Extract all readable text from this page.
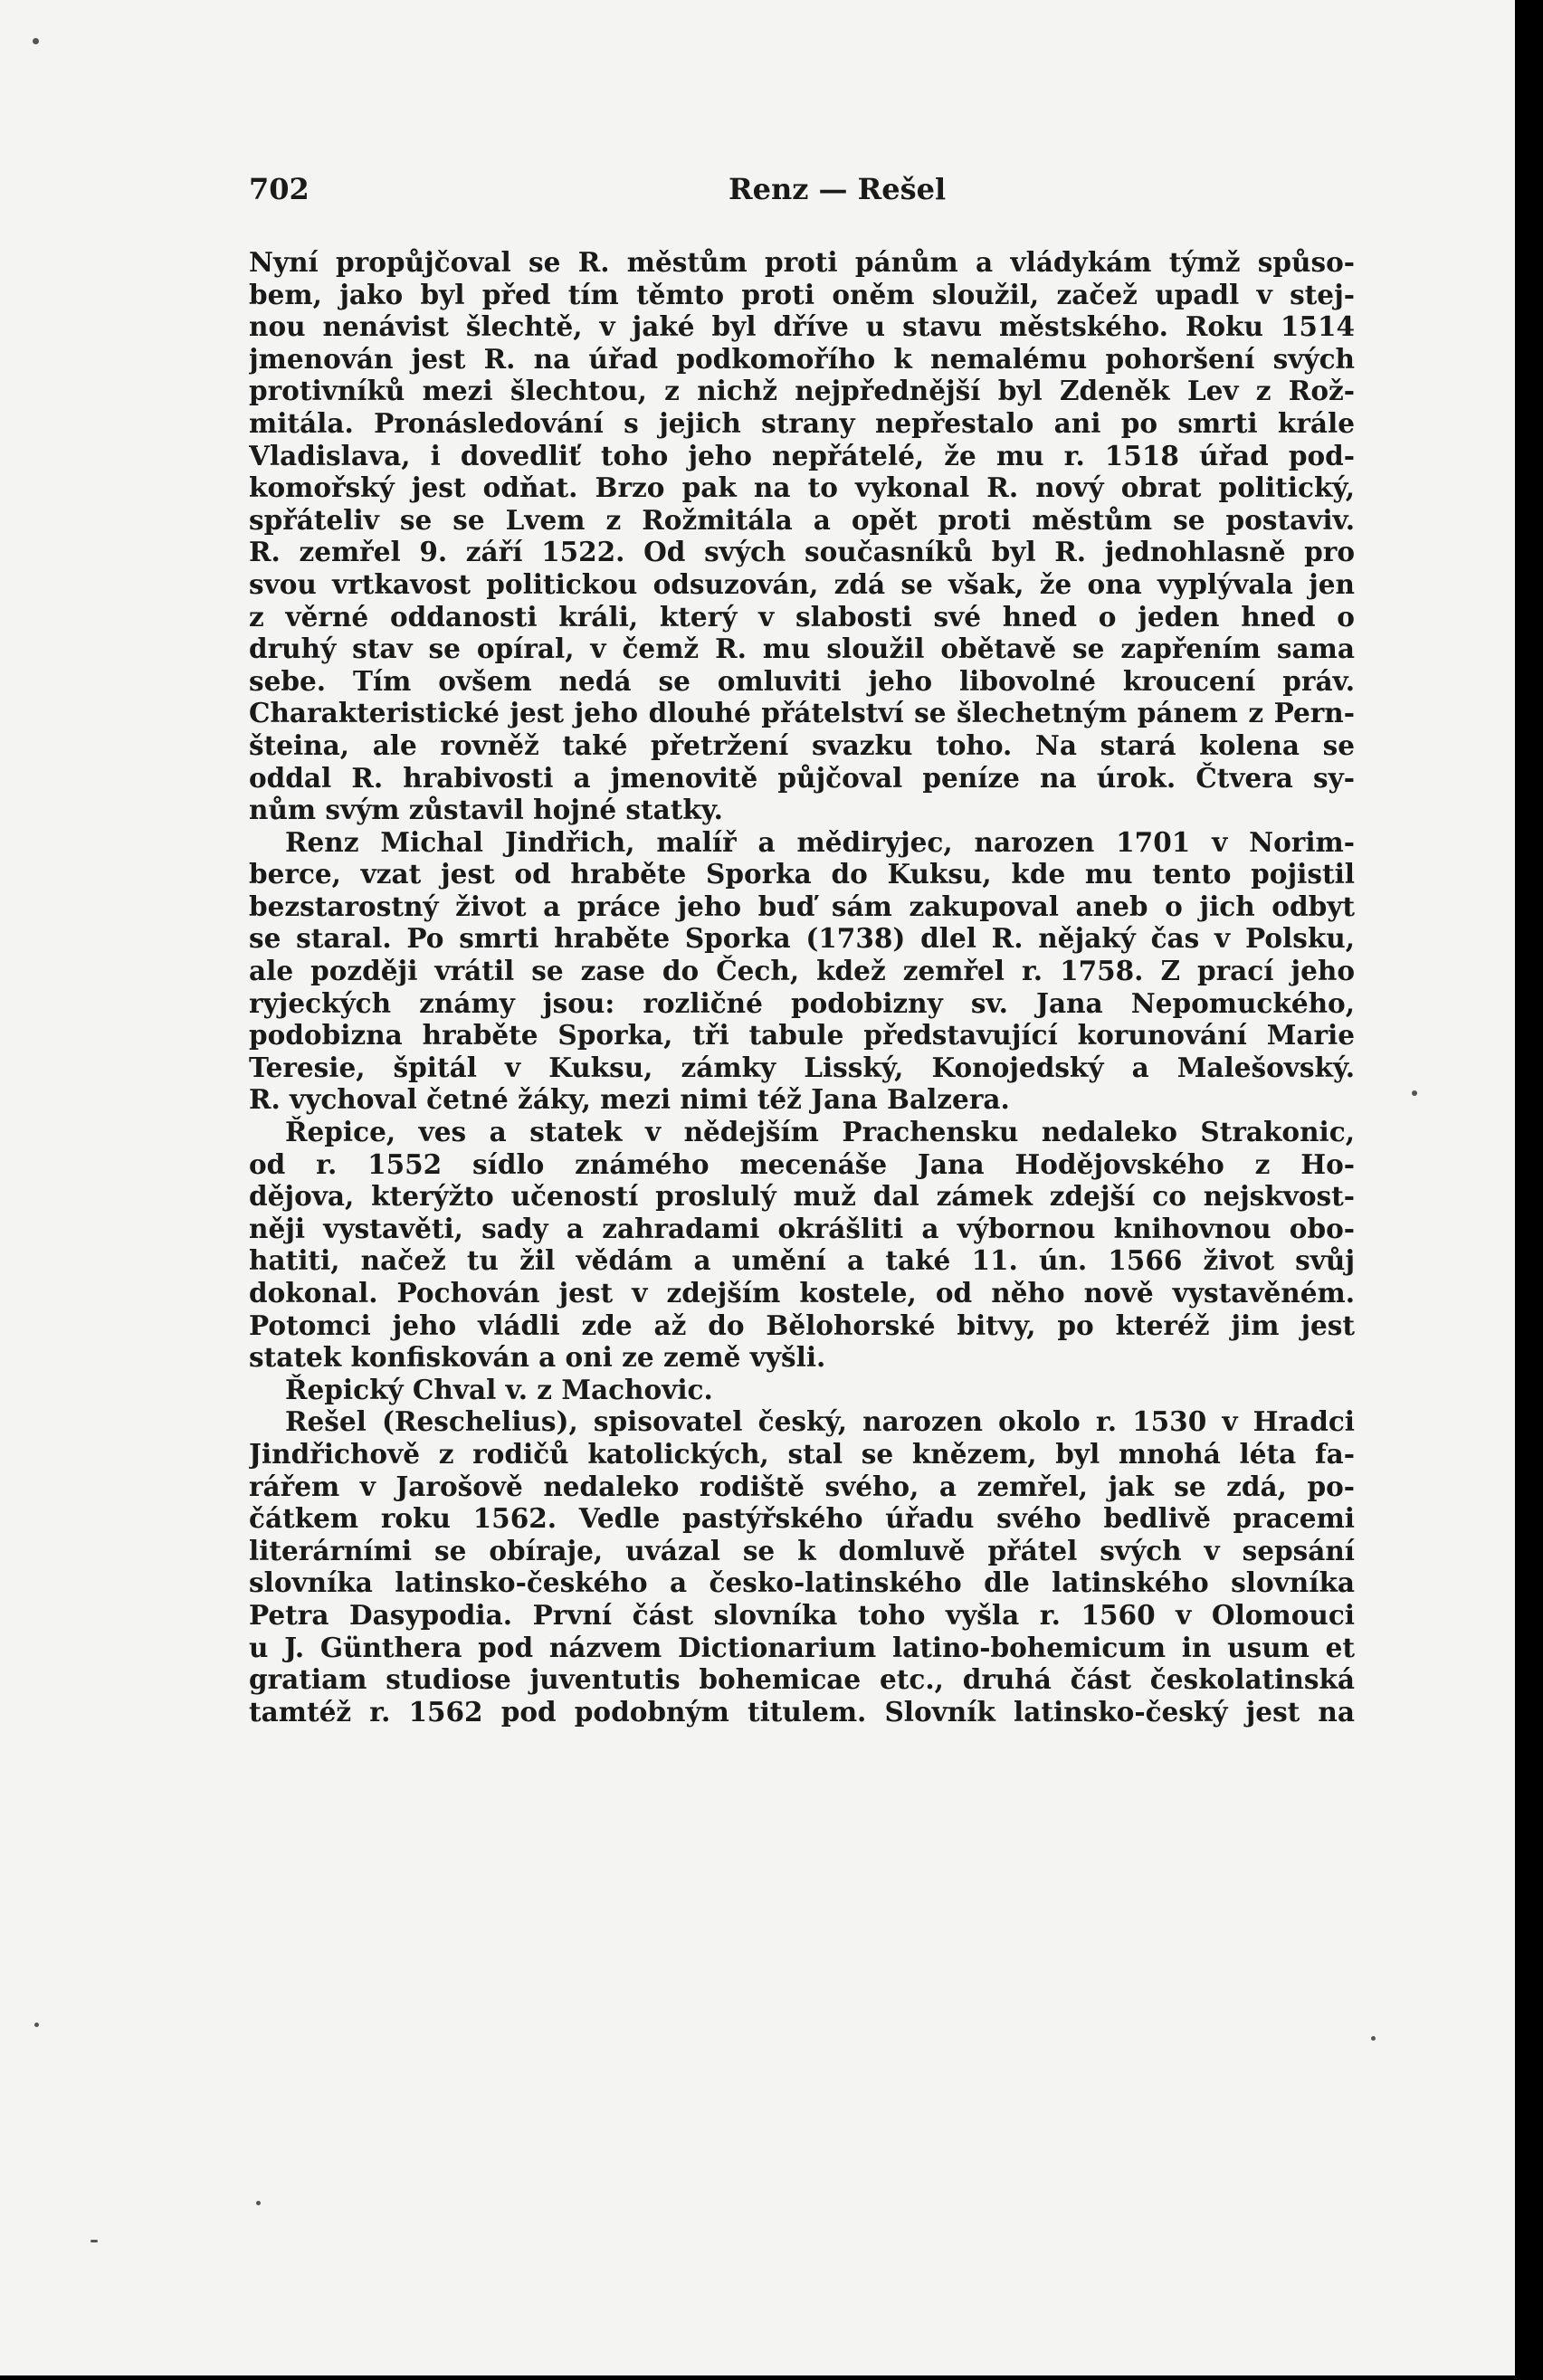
702	Renz — Rešel
Nyní propůjčoval se R. městům proti pánům a vládykám týmž spůso-
bem, jako byl před tím těmto proti oněm sloužil, začež upadl v stej-
nou nenávist šlechtě, v jaké byl dříve u stavu městského. Roku 1514
jmenován jest R. na úřad podkomořího k nemalému pohoršení svých
protivníků mezi šlechtou, z nichž nejpřednější byl Zdeněk Lev z Rož-
mitála. Pronásledování s jejich strany nepřestalo ani po smrti krále
Vladislava, i dovedliť toho jeho nepřátelé, že mu r. 1518 úřad pod-
komořský jest odňat. Brzo pak na to vykonal R. nový obrat politický,
spřáteliv se se Lvem z Rožmitála a opět proti městům se postaviv.
R. zemřel 9. září 1522. Od svých současníků byl R. jednohlasně pro
svou vrtkavost politickou odsuzován, zdá se však, že ona vyplývala jen
z věrné oddanosti králi, který v slabosti své hned o jeden hned o
druhý stav se opíral, v čemž R. mu sloužil obětavě se zapřením sama
sebe. Tím ovšem nedá se omluviti jeho libovolné kroucení práv.
Charakteristické jest jeho dlouhé přátelství se šlechetným pánem z Pern-
šteina, ale rovněž také přetržení svazku toho. Na stará kolena se
oddal R. hrabivosti a jmenovitě půjčoval peníze na úrok. Čtvera sy-
nům svým zůstavil hojné statky.
Renz Michal Jindřich, malíř a mědiryjec, narozen 1701 v Norim-
berce, vzat jest od hraběte Sporka do Kuksu, kde mu tento pojistil
bezstarostný život a práce jeho buď sám zakupoval aneb o jich odbyt
se staral. Po smrti hraběte Sporka (1738) dlel R. nějaký čas v Polsku,
ale později vrátil se zase do Čech, kdež zemřel r. 1758. Z prací jeho
ryjeckých známy jsou: rozličné podobizny sv. Jana Nepomuckého,
podobizna hraběte Sporka, tři tabule představující korunování Marie
Teresie, špitál v Kuksu, zámky Lisský, Konojedský a Malešovský.
R. vychoval četné žáky, mezi nimi též Jana Balzera.
Řepice, ves a statek v nědejším Prachensku nedaleko Strakonic,
od r. 1552 sídlo známého mecenáše Jana Hodějovského z Ho-
dějova, kterýžto učeností proslulý muž dal zámek zdejší co nejskvost-
něji vystavěti, sady a zahradami okrášliti a výbornou knihovnou obo-
hatiti, načež tu žil vědám a umění a také 11. ún. 1566 život svůj
dokonal. Pochován jest v zdejším kostele, od něho nově vystavěném.
Potomci jeho vládli zde až do Bělohorské bitvy, po kteréž jim jest
statek konfiskován a oni ze země vyšli.
Řepický Chval v. z Machovic.
Rešel (Reschelius), spisovatel český, narozen okolo r. 1530 v Hradci
Jindřichově z rodičů katolických, stal se knězem, byl mnohá léta fa-
rářem v Jarošově nedaleko rodiště svého, a zemřel, jak se zdá, po-
čátkem roku 1562. Vedle pastýřského úřadu svého bedlivě pracemi
literárními se obíraje, uvázal se k domluvě přátel svých v sepsání
slovníka latinsko-českého a česko-latinského dle latinského slovníka
Petra Dasypodia. První část slovníka toho vyšla r. 1560 v Olomouci
u J. Günthera pod názvem Dictionarium latino-bohemicum in usum et
gratiam studiose juventutis bohemicae etc., druhá část českolatinská
tamtéž r. 1562 pod podobným titulem. Slovník latinsko-český jest na
